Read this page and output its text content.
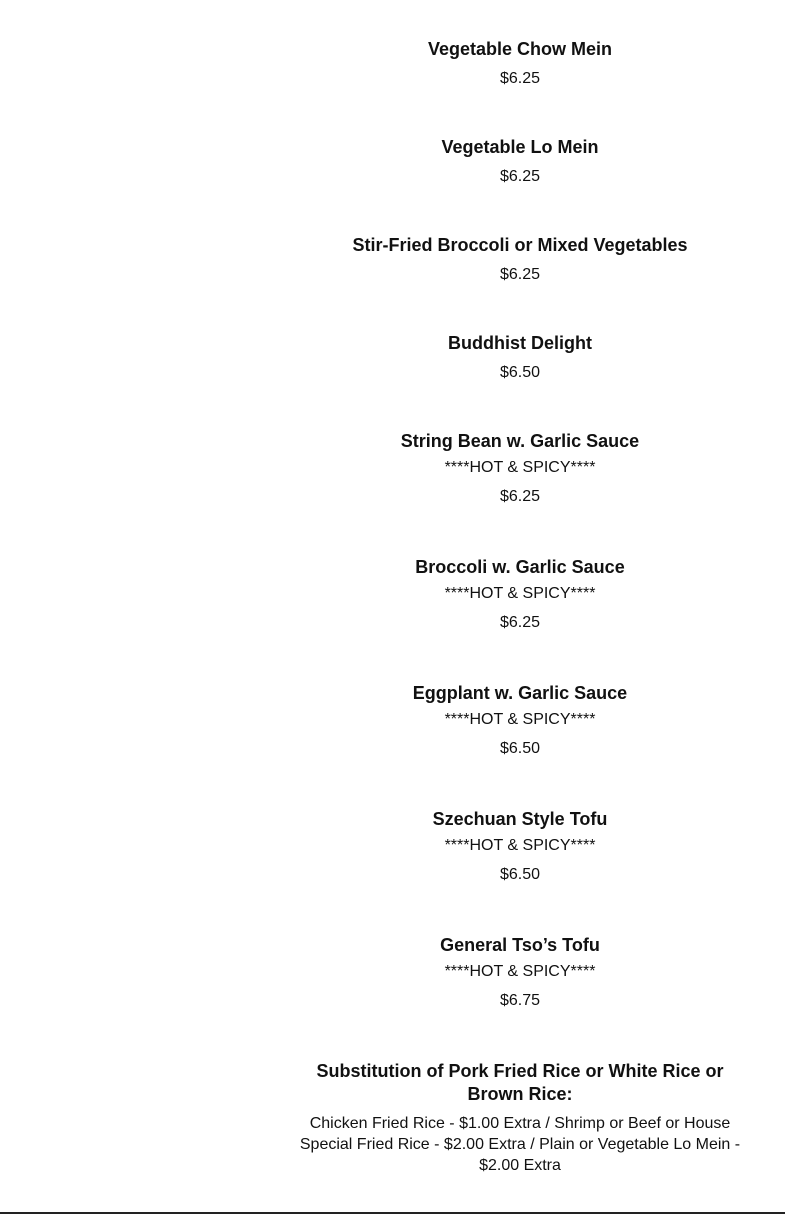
Vegetable Chow Mein
$6.25
Vegetable Lo Mein
$6.25
Stir-Fried Broccoli or Mixed Vegetables
$6.25
Buddhist Delight
$6.50
String Bean w. Garlic Sauce
****HOT & SPICY****
$6.25
Broccoli w. Garlic Sauce
****HOT & SPICY****
$6.25
Eggplant w. Garlic Sauce
****HOT & SPICY****
$6.50
Szechuan Style Tofu
****HOT & SPICY****
$6.50
General Tso’s Tofu
****HOT & SPICY****
$6.75
Substitution of Pork Fried Rice or White Rice or Brown Rice:
Chicken Fried Rice - $1.00 Extra / Shrimp or Beef or House Special Fried Rice - $2.00 Extra / Plain or Vegetable Lo Mein - $2.00 Extra
